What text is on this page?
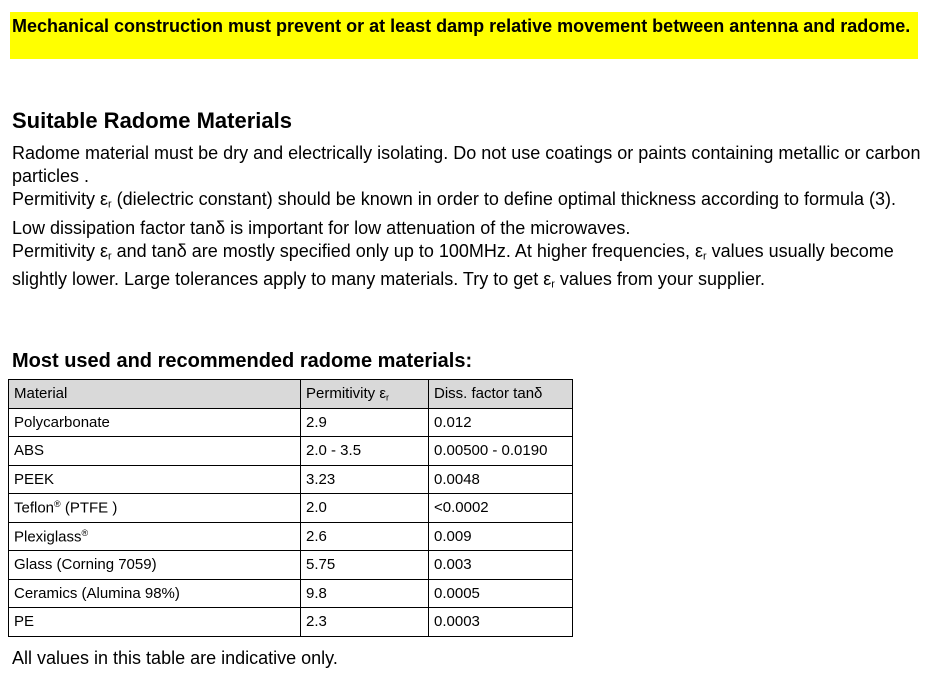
Mechanical construction must prevent or at least damp relative movement between antenna and radome.
Suitable Radome Materials

Radome material must be dry and electrically isolating. Do not use coatings or paints containing metallic or carbon particles .

Permitivity $\varepsilon_r$ (dielectric constant) should be known in order to define optimal thickness according to formula (3).

Low dissipation factor tanδ is important for low attenuation of the microwaves.

Permitivity $\varepsilon_r$ and tanδ are mostly specified only up to 100MHz. At higher frequencies, $\varepsilon_r$ values usually become slightly lower. Large tolerances apply to many materials. Try to get $\varepsilon_r$ values from your supplier.

Most used and recommended radome materials:
Material	Permitivity $\varepsilon_r$	Diss. factor tanδ
Polycarbonate	2.9	0.012
ABS	2.0 - 3.5	0.00500 - 0.0190
PEEK	3.23	0.0048
Teflon® (PTFE )	2.0	<0.0002
Plexiglass®	2.6	0.009
Glass (Corning 7059)	5.75	0.003
Ceramics (Alumina 98%)	9.8	0.0005
PE	2.3	0.0003
All values in this table are indicative only.
